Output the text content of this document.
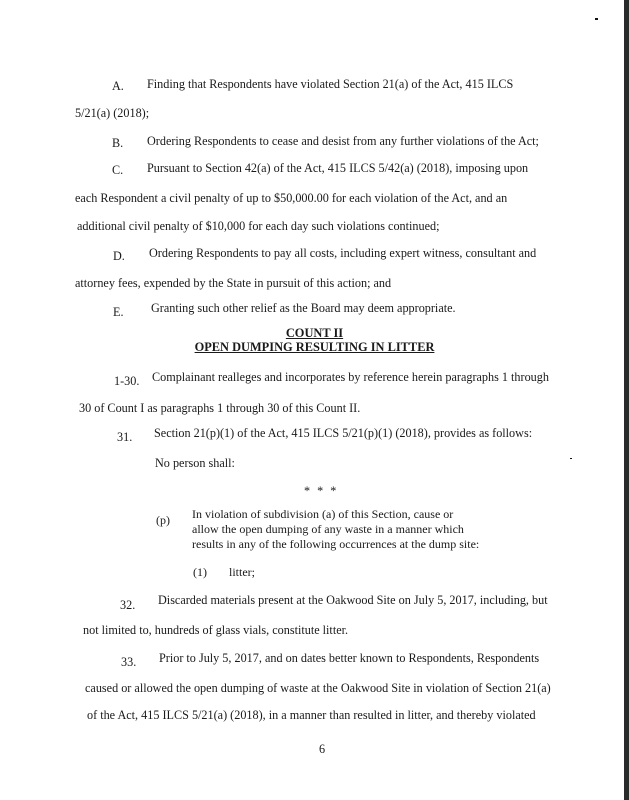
A. Finding that Respondents have violated Section 21(a) of the Act, 415 ILCS
5/21(a) (2018);
B. Ordering Respondents to cease and desist from any further violations of the Act;
C. Pursuant to Section 42(a) of the Act, 415 ILCS 5/42(a) (2018), imposing upon
each Respondent a civil penalty of up to $50,000.00 for each violation of the Act, and an
additional civil penalty of $10,000 for each day such violations continued;
D. Ordering Respondents to pay all costs, including expert witness, consultant and
attorney fees, expended by the State in pursuit of this action; and
E. Granting such other relief as the Board may deem appropriate.
COUNT II
OPEN DUMPING RESULTING IN LITTER
1-30. Complainant realleges and incorporates by reference herein paragraphs 1 through
30 of Count I as paragraphs 1 through 30 of this Count II.
31. Section 21(p)(1) of the Act, 415 ILCS 5/21(p)(1) (2018), provides as follows:
No person shall:
* * *
(p) In violation of subdivision (a) of this Section, cause or
allow the open dumping of any waste in a manner which
results in any of the following occurrences at the dump site:
(1) litter;
32. Discarded materials present at the Oakwood Site on July 5, 2017, including, but
not limited to, hundreds of glass vials, constitute litter.
33. Prior to July 5, 2017, and on dates better known to Respondents, Respondents
caused or allowed the open dumping of waste at the Oakwood Site in violation of Section 21(a)
of the Act, 415 ILCS 5/21(a) (2018), in a manner than resulted in litter, and thereby violated
6
